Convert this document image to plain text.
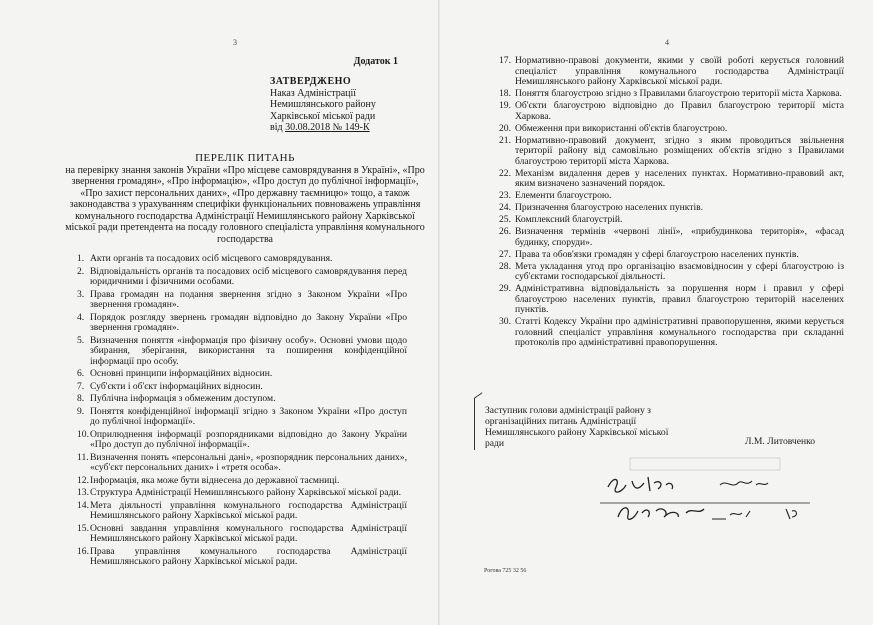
3
Додаток 1
ЗАТВЕРДЖЕНО
Наказ Адміністрації
Немишлянського району
Харківської міської ради
від 30.08.2018 № 149-К
ПЕРЕЛІК ПИТАНЬ
на перевірку знання законів України «Про місцеве самоврядування в Україні», «Про звернення громадян», «Про інформацію», «Про доступ до публічної інформації», «Про захист персональних даних», «Про державну таємницю» тощо, а також законодавства з урахуванням специфіки функціональних повноважень управління комунального господарства Адміністрації Немишлянського району Харківської міської ради претендента на посаду головного спеціаліста управління комунального господарства
1. Акти органів та посадових осіб місцевого самоврядування.
2. Відповідальність органів та посадових осіб місцевого самоврядування перед юридичними і фізичними особами.
3. Права громадян на подання звернення згідно з Законом України «Про звернення громадян».
4. Порядок розгляду звернень громадян відповідно до Закону України «Про звернення громадян».
5. Визначення поняття «інформація про фізичну особу». Основні умови щодо збирання, зберігання, використання та поширення конфіденційної інформації про особу.
6. Основні принципи інформаційних відносин.
7. Суб'єкти і об'єкт інформаційних відносин.
8. Публічна інформація з обмеженим доступом.
9. Поняття конфіденційної інформації згідно з Законом України «Про доступ до публічної інформації».
10. Оприлюднення інформації розпорядниками відповідно до Закону України «Про доступ до публічної інформації».
11. Визначення понять «персональні дані», «розпорядник персональних даних», «суб'єкт персональних даних» і «третя особа».
12. Інформація, яка може бути віднесена до державної таємниці.
13. Структура Адміністрації Немишлянського району Харківської міської ради.
14. Мета діяльності управління комунального господарства Адміністрації Немишлянського району Харківської міської ради.
15. Основні завдання управління комунального господарства Адміністрації Немишлянського району Харківської міської ради.
16. Права управління комунального господарства Адміністрації Немишлянського району Харківської міської ради.
4
17. Нормативно-правові документи, якими у своїй роботі керується головний спеціаліст управління комунального господарства Адміністрації Немишлянського району Харківської міської ради.
18. Поняття благоустрою згідно з Правилами благоустрою території міста Харкова.
19. Об'єкти благоустрою відповідно до Правил благоустрою території міста Харкова.
20. Обмеження при використанні об'єктів благоустрою.
21. Нормативно-правовий документ, згідно з яким проводиться звільнення території району від самовільно розміщених об'єктів згідно з Правилами благоустрою території міста Харкова.
22. Механізм видалення дерев у населених пунктах. Нормативно-правовий акт, яким визначено зазначений порядок.
23. Елементи благоустрою.
24. Призначення благоустрою населених пунктів.
25. Комплексний благоустрій.
26. Визначення термінів «червоні лінії», «прибудинкова територія», «фасад будинку, споруди».
27. Права та обов'язки громадян у сфері благоустрою населених пунктів.
28. Мета укладання угод про організацію взаємовідносин у сфері благоустрою із суб'єктами господарської діяльності.
29. Адміністративна відповідальність за порушення норм і правил у сфері благоустрою населених пунктів, правил благоустрою територій населених пунктів.
30. Статті Кодексу України про адміністративні правопорушення, якими керується головний спеціаліст управління комунального господарства при складанні протоколів про адміністративні правопорушення.
Заступник голови адміністрації району з організаційних питань Адміністрації Немишлянського району Харківської міської ради	Л.М. Литовченко
Рогова 725 32 56
